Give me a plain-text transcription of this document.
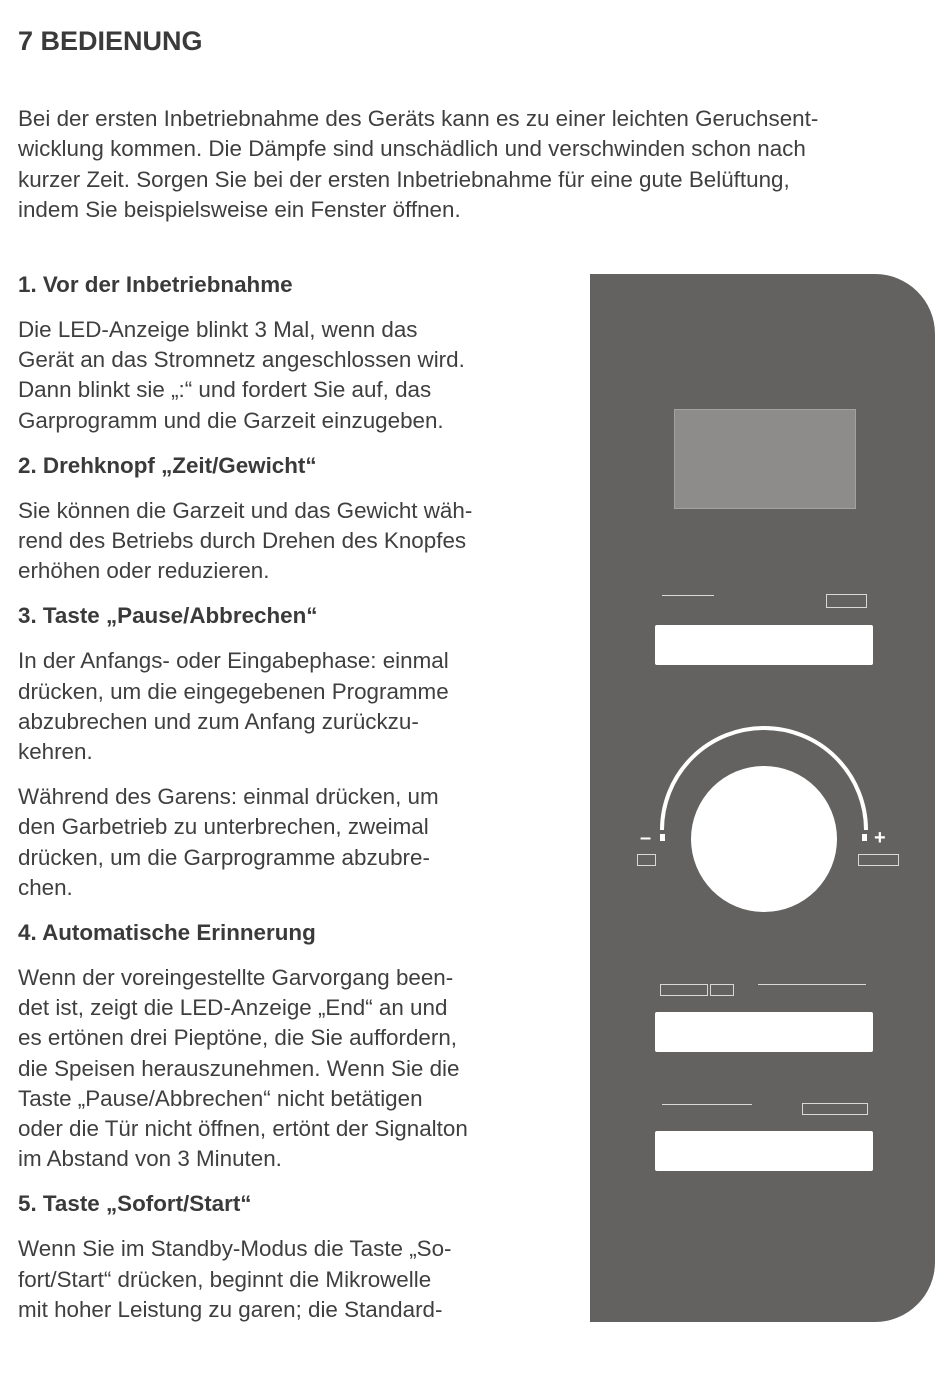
7 BEDIENUNG
Bei der ersten Inbetriebnahme des Geräts kann es zu einer leichten Geruchsent-
wicklung kommen. Die Dämpfe sind unschädlich und verschwinden schon nach
kurzer Zeit. Sorgen Sie bei der ersten Inbetriebnahme für eine gute Belüftung,
indem Sie beispielsweise ein Fenster öffnen.
1. Vor der Inbetriebnahme

Die LED-Anzeige blinkt 3 Mal, wenn das
Gerät an das Stromnetz angeschlossen wird.
Dann blinkt sie „:“ und fordert Sie auf, das
Garprogramm und die Garzeit einzugeben.

2. Drehknopf „Zeit/Gewicht“

Sie können die Garzeit und das Gewicht wäh-
rend des Betriebs durch Drehen des Knopfes
erhöhen oder reduzieren.

3. Taste „Pause/Abbrechen“

In der Anfangs- oder Eingabephase: einmal
drücken, um die eingegebenen Programme
abzubrechen und zum Anfang zurückzu-
kehren.

Während des Garens: einmal drücken, um
den Garbetrieb zu unterbrechen, zweimal
drücken, um die Garprogramme abzubre-
chen.

4. Automatische Erinnerung

Wenn der voreingestellte Garvorgang been-
det ist, zeigt die LED-Anzeige „End“ an und
es ertönen drei Pieptöne, die Sie auffordern,
die Speisen herauszunehmen. Wenn Sie die
Taste „Pause/Abbrechen“ nicht betätigen
oder die Tür nicht öffnen, ertönt der Signalton
im Abstand von 3 Minuten.

5. Taste „Sofort/Start“

Wenn Sie im Standby-Modus die Taste „So-
fort/Start“ drücken, beginnt die Mikrowelle
mit hoher Leistung zu garen; die Standard-

–	+
